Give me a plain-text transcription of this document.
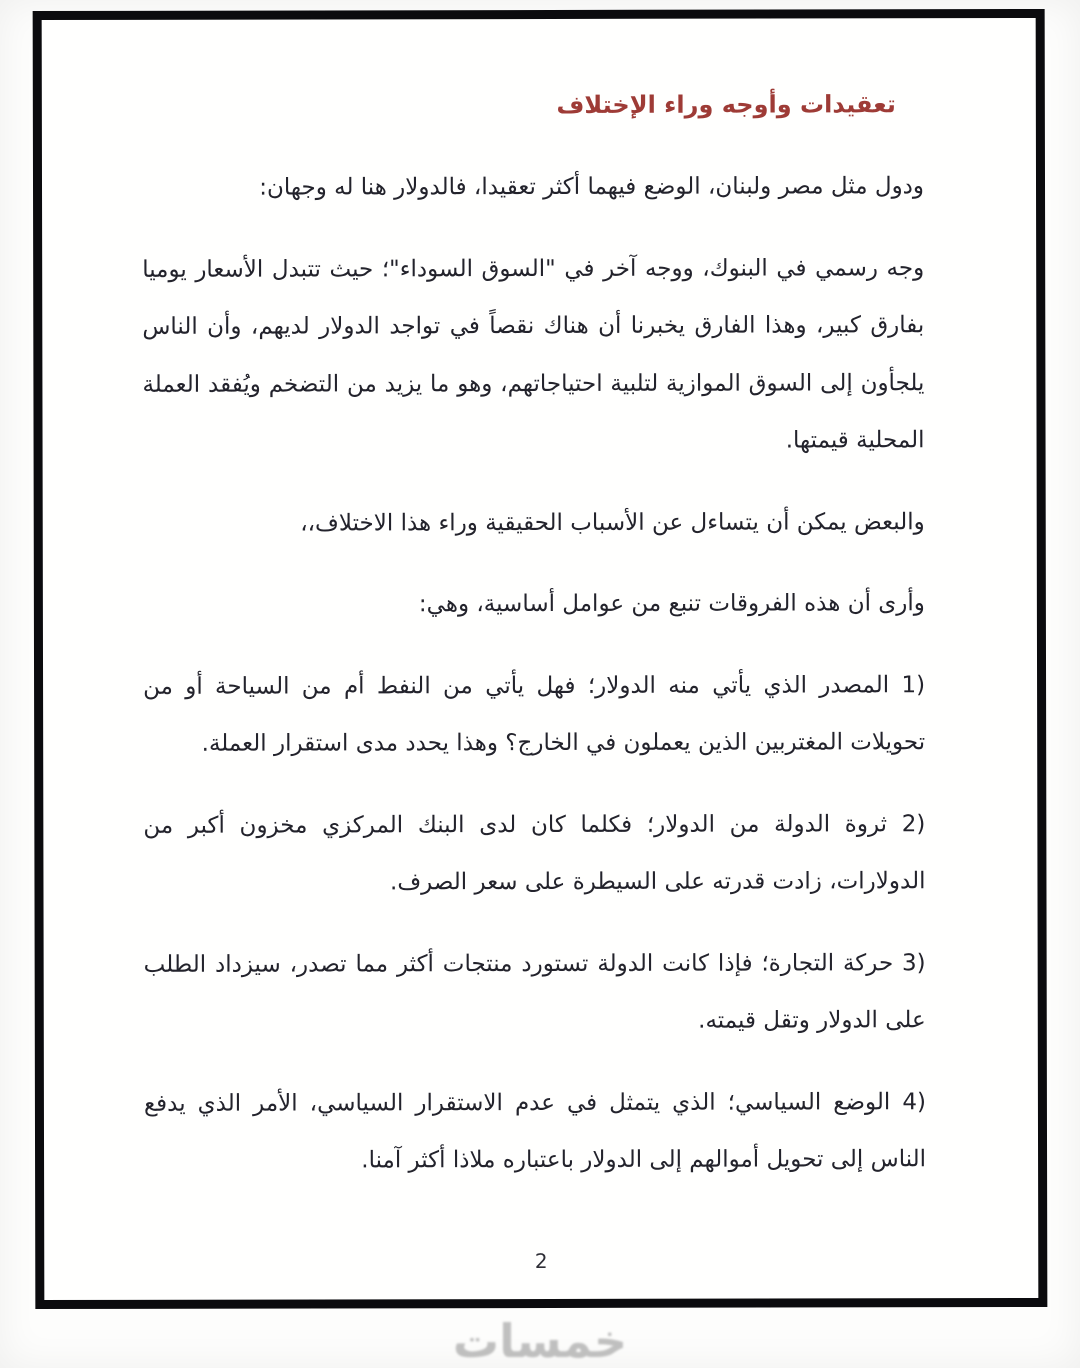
تعقيدات وأوجه وراء الإختلاف

ودول مثل مصر ولبنان، الوضع فيهما أكثر تعقيدا، فالدولار هنا له وجهان:

وجه رسمي في البنوك، ووجه آخر في "السوق السوداء"؛ حيث تتبدل الأسعار يوميا بفارق كبير، وهذا الفارق يخبرنا أن هناك نقصاً في تواجد الدولار لديهم، وأن الناس يلجأون إلى السوق الموازية لتلبية احتياجاتهم، وهو ما يزيد من التضخم ويُفقد العملة المحلية قيمتها.

والبعض يمكن أن يتساءل عن الأسباب الحقيقية وراء هذا الاختلاف،،

وأرى أن هذه الفروقات تنبع من عوامل أساسية، وهي:

1) المصدر الذي يأتي منه الدولار؛ فهل يأتي من النفط أم من السياحة أو من تحويلات المغتربين الذين يعملون في الخارج؟ وهذا يحدد مدى استقرار العملة.

2) ثروة الدولة من الدولار؛ فكلما كان لدى البنك المركزي مخزون أكبر من الدولارات، زادت قدرته على السيطرة على سعر الصرف.

3) حركة التجارة؛ فإذا كانت الدولة تستورد منتجات أكثر مما تصدر، سيزداد الطلب على الدولار وتقل قيمته.

4) الوضع السياسي؛ الذي يتمثل في عدم الاستقرار السياسي، الأمر الذي يدفع الناس إلى تحويل أموالهم إلى الدولار باعتباره ملاذا أكثر آمنا.

2
خمسات
